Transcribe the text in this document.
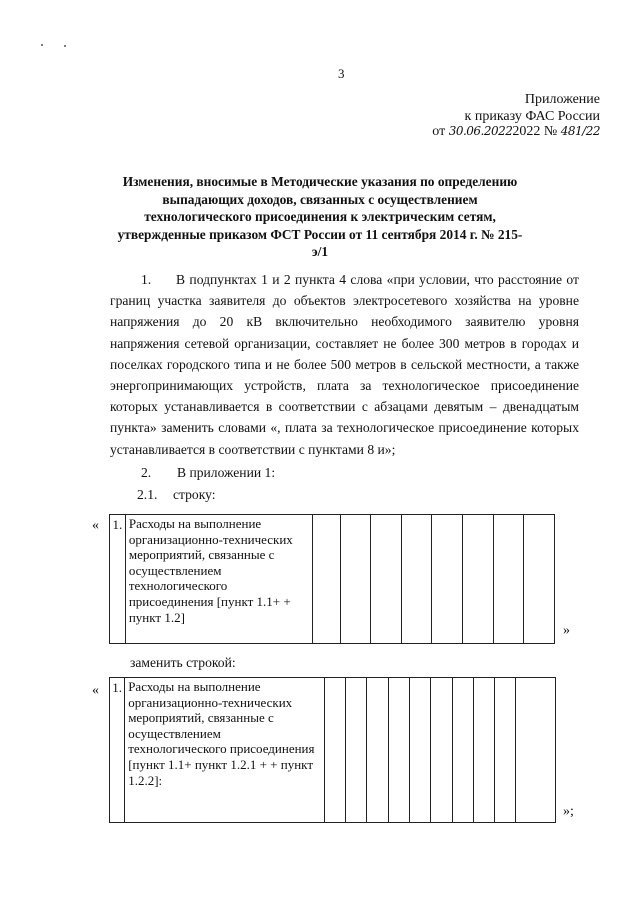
3
Приложение
к приказу ФАС России
от 30.06.20222022 № 481/22
Изменения, вносимые в Методические указания по определению выпадающих доходов, связанных с осуществлением технологического присоединения к электрическим сетям, утвержденные приказом ФСТ России от 11 сентября 2014 г. № 215-э/1
1.	В подпунктах 1 и 2 пункта 4 слова «при условии, что расстояние от границ участка заявителя до объектов электросетевого хозяйства на уровне напряжения до 20 кВ включительно необходимого заявителю уровня напряжения сетевой организации, составляет не более 300 метров в городах и поселках городского типа и не более 500 метров в сельской местности, а также энергопринимающих устройств, плата за технологическое присоединение которых устанавливается в соответствии с абзацами девятым – двенадцатым пункта» заменить словами «, плата за технологическое присоединение которых устанавливается в соответствии с пунктами 8 и»;
2. В приложении 1:
2.1. строку:
« 1.	Расходы на выполнение организационно-технических мероприятий, связанные с осуществлением технологического присоединения [пункт 1.1+ + пункт 1.2]								
»
заменить строкой:
« 1.	Расходы на выполнение организационно-технических мероприятий, связанные с осуществлением технологического присоединения [пункт 1.1+ пункт 1.2.1 + + пункт 1.2.2]:										
»;
